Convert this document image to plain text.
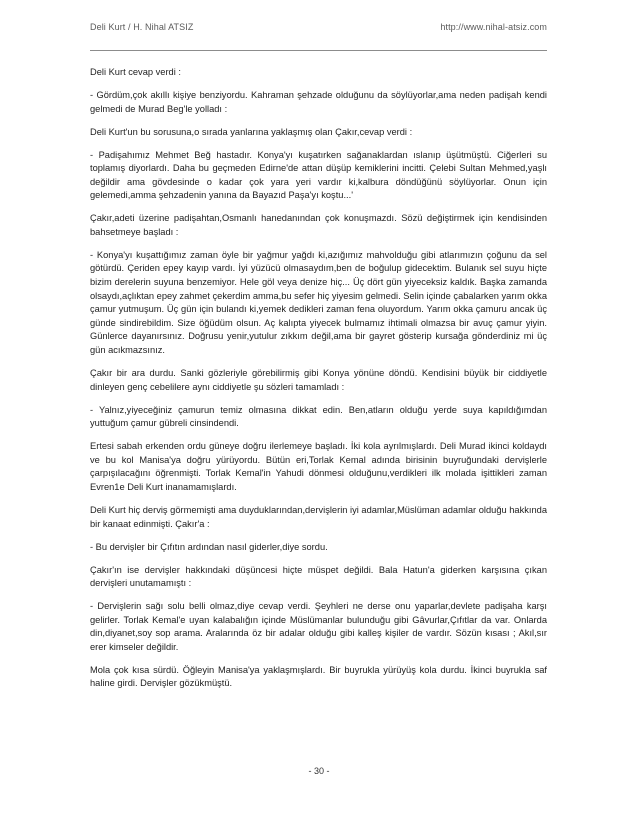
Deli Kurt / H. Nihal ATSIZ	http://www.nihal-atsiz.com

Deli Kurt cevap verdi :

- Gördüm,çok akıllı kişiye benziyordu. Kahraman şehzade olduğunu da söylüyorlar,ama neden padişah kendi gelmedi de Murad Beg'le yolladı :

Deli Kurt'un bu sorusuna,o sırada yanlarına yaklaşmış olan Çakır,cevap verdi :

- Padişahımız Mehmet Beğ hastadır. Konya'yı kuşatırken sağanaklardan ıslanıp üşütmüştü. Ciğerleri su toplamış diyorlardı. Daha bu geçmeden Edirne'de attan düşüp kemiklerini incitti. Çelebi Sultan Mehmed,yaşlı değildir ama gövdesinde o kadar çok yara yeri vardır ki,kalbura döndüğünü söylüyorlar. Onun için gelemedi,amma şehzadenin yanına da Bayazıd Paşa'yı koştu...'

Çakır,adeti üzerine padişahtan,Osmanlı hanedanından çok konuşmazdı. Sözü değiştirmek için kendisinden bahsetmeye başladı :

- Konya'yı kuşattığımız zaman öyle bir yağmur yağdı ki,azığımız mahvolduğu gibi atlarımızın çoğunu da sel götürdü. Çeriden epey kayıp vardı. İyi yüzücü olmasaydım,ben de boğulup gidecektim. Bulanık sel suyu hiçte bizim derelerin suyuna benzemiyor. Hele göl veya denize hiç... Üç dört gün yiyeceksiz kaldık. Başka zamanda olsaydı,açlıktan epey zahmet çekerdim amma,bu sefer hiç yiyesim gelmedi. Selin içinde çabalarken yarım okka çamur yutmuşum. Üç gün için bulandı ki,yemek dedikleri zaman fena oluyordum. Yarım okka çamuru ancak üç günde sindirebildim. Size öğüdüm olsun. Aç kalıpta yiyecek bulmamız ihtimali olmazsa bir avuç çamur yiyin. Günlerce dayanırsınız. Doğrusu yenir,yutulur zıkkım değil,ama bir gayret gösterip kursağa gönderdiniz mi üç gün acıkmazsınız.

Çakır bir ara durdu. Sanki gözleriyle görebilirmiş gibi Konya yönüne döndü. Kendisini büyük bir ciddiyetle dinleyen genç cebelilere aynı ciddiyetle şu sözleri tamamladı :

- Yalnız,yiyeceğiniz çamurun temiz olmasına dikkat edin. Ben,atların olduğu yerde suya kapıldığımdan yuttuğum çamur gübreli cinsindendi.

Ertesi sabah erkenden ordu güneye doğru ilerlemeye başladı. İki kola ayrılmışlardı. Deli Murad ikinci koldaydı ve bu kol Manisa'ya doğru yürüyordu. Bütün eri,Torlak Kemal adında birisinin buyruğundaki dervişlerle çarpışılacağını öğrenmişti. Torlak Kemal'in Yahudi dönmesi olduğunu,verdikleri ilk molada işittikleri zaman Evren1e Deli Kurt inanamamışlardı.

Deli Kurt hiç derviş görmemişti ama duyduklarından,dervişlerin iyi adamlar,Müslüman adamlar olduğu hakkında bir kanaat edinmişti. Çakır'a :

- Bu dervişler bir Çıfıtın ardından nasıl giderler,diye sordu.

Çakır'ın ise dervişler hakkındaki düşüncesi hiçte müspet değildi. Bala Hatun'a giderken karşısına çıkan dervişleri unutamamıştı :

- Dervişlerin sağı solu belli olmaz,diye cevap verdi. Şeyhleri ne derse onu yaparlar,devlete padişaha karşı gelirler. Torlak Kemal'e uyan kalabalığın içinde Müslümanlar bulunduğu gibi Gâvurlar,Çıfıtlar da var. Onlarda din,diyanet,soy sop arama. Aralarında öz bir adalar olduğu gibi kalleş kişiler de vardır. Sözün kısası ; Akıl,sır erer kimseler değildir.

Mola çok kısa sürdü. Öğleyin Manisa'ya yaklaşmışlardı. Bir buyrukla yürüyüş kola durdu. İkinci buyrukla saf haline girdi. Dervişler gözükmüştü.

- 30 -
